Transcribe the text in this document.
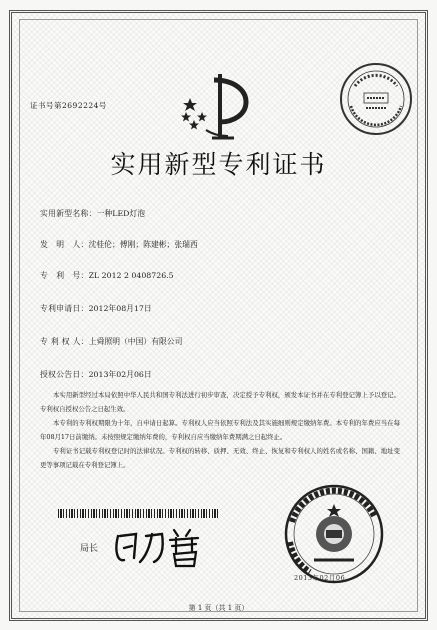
证书号第2692224号
实用新型专利证书
实用新型名称：一种LED灯泡
发　明　人：沈桂伦；傅刚；陈建彬；张瑞西
专　利　号：ZL 2012 2 0408726.5
专利申请日：2012年08月17日
专 利 权 人：上舜照明（中国）有限公司
授权公告日：2013年02月06日

本实用新型经过本局依照中华人民共和国专利法进行初步审查，决定授予专利权，颁发本证书并在专利登记簿上予以登记。专利权自授权公告之日起生效。

本专利的专利权期限为十年，自申请日起算。专利权人应当依照专利法及其实施细则规定缴纳年费。本专利的年费应当在每年08月17日前缴纳。未按照规定缴纳年费的，专利权自应当缴纳年费期满之日起终止。

专利证书记载专利权登记时的法律状况。专利权的转移、质押、无效、终止、恢复和专利权人的姓名或名称、国籍、地址变更等事项记载在专利登记簿上。

局长
2013年02月06
第 1 页（共 1 页）
